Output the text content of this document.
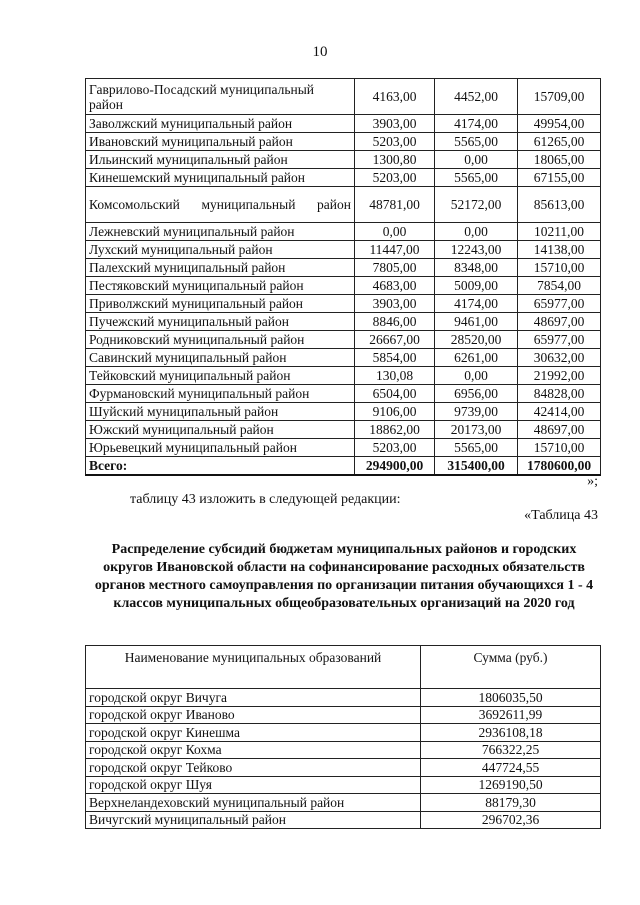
10
Гаврилово-Посадский муниципальный район	4163,00	4452,00	15709,00
Заволжский муниципальный район	3903,00	4174,00	49954,00
Ивановский муниципальный район	5203,00	5565,00	61265,00
Ильинский муниципальный район	1300,80	0,00	18065,00
Кинешемский муниципальный район	5203,00	5565,00	67155,00
Комсомольский муниципальный район	48781,00	52172,00	85613,00
Лежневский муниципальный район	0,00	0,00	10211,00
Лухский муниципальный район	11447,00	12243,00	14138,00
Палехский муниципальный район	7805,00	8348,00	15710,00
Пестяковский муниципальный район	4683,00	5009,00	7854,00
Приволжский муниципальный район	3903,00	4174,00	65977,00
Пучежский муниципальный район	8846,00	9461,00	48697,00
Родниковский муниципальный район	26667,00	28520,00	65977,00
Савинский муниципальный район	5854,00	6261,00	30632,00
Тейковский муниципальный район	130,08	0,00	21992,00
Фурмановский муниципальный район	6504,00	6956,00	84828,00
Шуйский муниципальный район	9106,00	9739,00	42414,00
Южский муниципальный район	18862,00	20173,00	48697,00
Юрьевецкий муниципальный район	5203,00	5565,00	15710,00
Всего:	294900,00	315400,00	1780600,00
»;
таблицу 43 изложить в следующей редакции:
«Таблица 43
Распределение субсидий бюджетам муниципальных районов и городских округов Ивановской области на софинансирование расходных обязательств органов местного самоуправления по организации питания обучающихся 1 - 4 классов муниципальных общеобразовательных организаций на 2020 год
Наименование муниципальных образований	Сумма (руб.)
городской округ Вичуга	1806035,50
городской округ Иваново	3692611,99
городской округ Кинешма	2936108,18
городской округ Кохма	766322,25
городской округ Тейково	447724,55
городской округ Шуя	1269190,50
Верхнеландеховский муниципальный район	88179,30
Вичугский муниципальный район	296702,36
